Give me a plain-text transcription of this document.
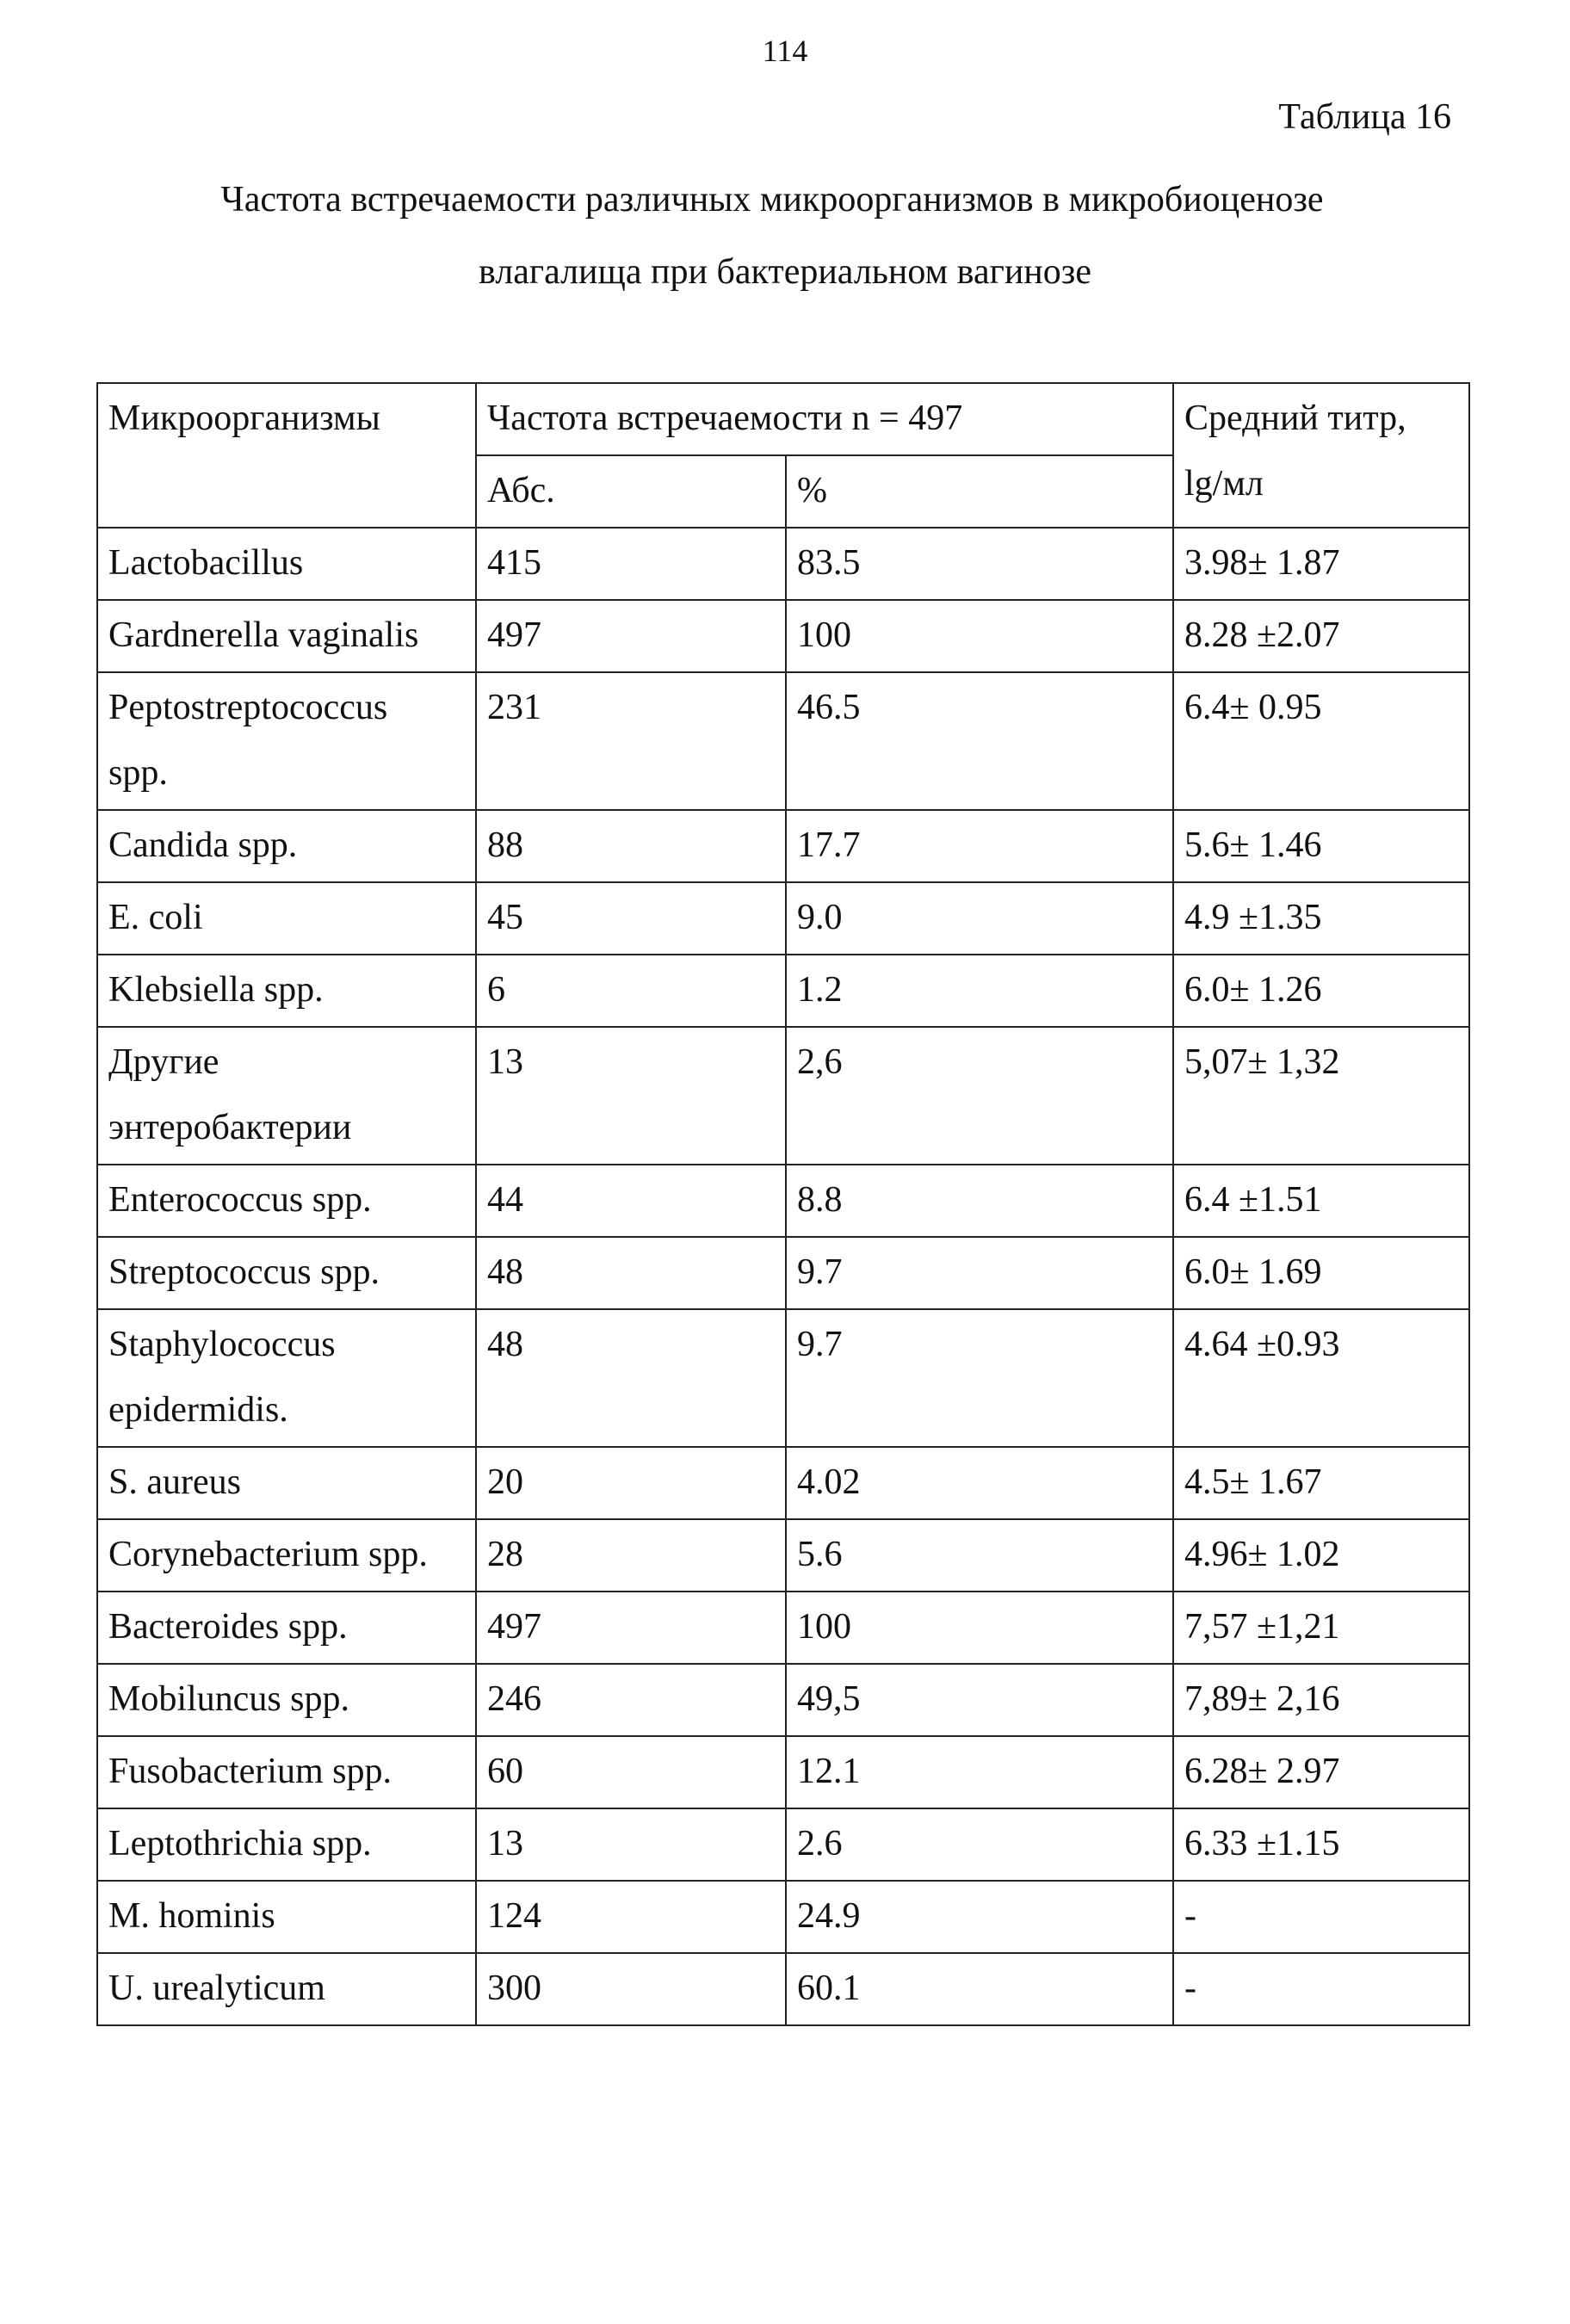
114
Таблица 16
Частота встречаемости различных микроорганизмов в микробиоценозе
влагалища при бактериальном вагинозе
Микроорганизмы	Частота встречаемости n = 497		Средний титр,
lg/мл

	Абс.	%	

Lactobacillus	415	83.5	3.98± 1.87

Gardnerella vaginalis	497	100	8.28 ±2.07

Peptostreptococcus
spp.	231	46.5	6.4± 0.95

Candida spp.	88	17.7	5.6± 1.46

E. coli	45	9.0	4.9 ±1.35

Klebsiella spp.	6	1.2	6.0± 1.26

Другие
энтеробактерии	13	2,6	5,07± 1,32

Enterococcus spp.	44	8.8	6.4 ±1.51

Streptococcus spp.	48	9.7	6.0± 1.69

Staphylococcus
epidermidis.	48	9.7	4.64 ±0.93

S. aureus	20	4.02	4.5± 1.67

Corynebacterium spp.	28	5.6	4.96± 1.02

Bacteroides spp.	497	100	7,57 ±1,21

Mobiluncus spp.	246	49,5	7,89± 2,16

Fusobacterium spp.	60	12.1	6.28± 2.97

Leptothrichia spp.	13	2.6	6.33 ±1.15

M. hominis	124	24.9	-

U. urealyticum	300	60.1	-
